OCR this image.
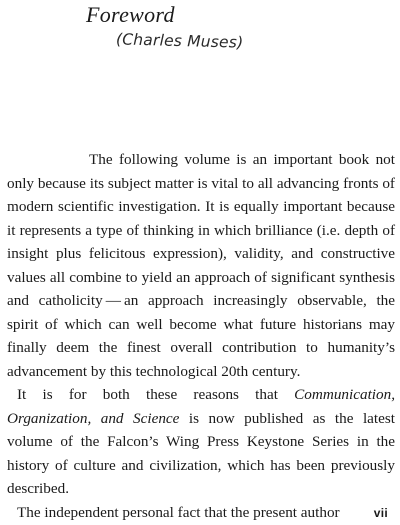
Foreword
(Charles Muses)

The following volume is an important book not only because its subject matter is vital to all advancing fronts of modern scientific investigation. It is equally important because it represents a type of thinking in which brilliance (i.e. depth of insight plus felicitous expression), validity, and constructive values all combine to yield an approach of significant synthesis and catholicity — an approach increasingly observable, the spirit of which can well become what future historians may finally deem the finest overall contribution to humanity’s advancement by this technological 20th century.

It is for both these reasons that Communication, Organization, and Science is now published as the latest volume of the Falcon’s Wing Press Keystone Series in the history of culture and civilization, which has been previously described.

The independent personal fact that the present author	vii
